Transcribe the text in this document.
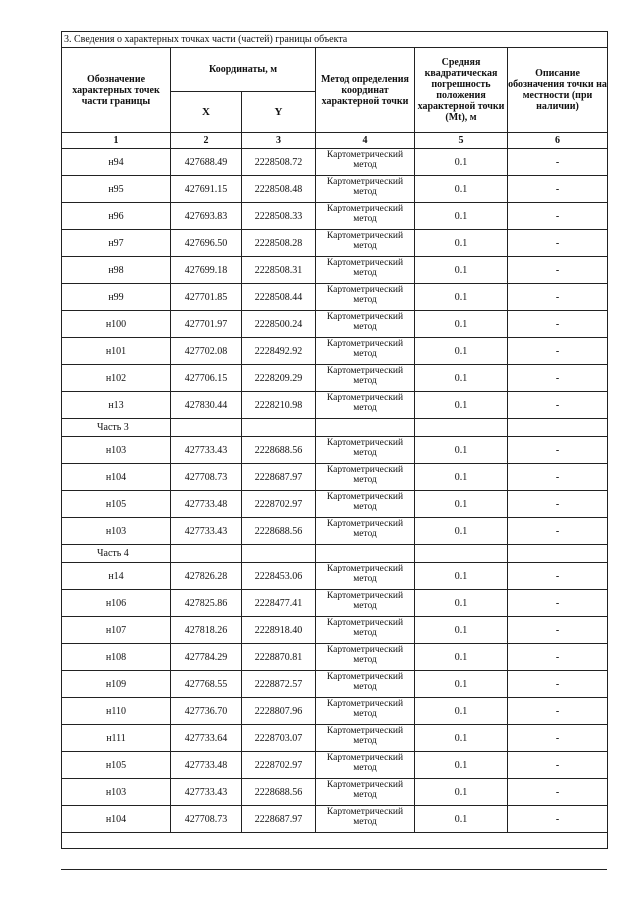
3. Сведения о характерных точках части (частей) границы объекта					
Обозначение характерных точек части границы	Координаты, м		Метод определения координат характерной точки	Средняя квадратическая погрешность положения характерной точки (Mt), м	Описание обозначения точки на местности (при наличии)
	X	Y			
1	2	3	4	5	6
н94	427688.49	2228508.72	Картометрический метод	0.1	-
н95	427691.15	2228508.48	Картометрический метод	0.1	-
н96	427693.83	2228508.33	Картометрический метод	0.1	-
н97	427696.50	2228508.28	Картометрический метод	0.1	-
н98	427699.18	2228508.31	Картометрический метод	0.1	-
н99	427701.85	2228508.44	Картометрический метод	0.1	-
н100	427701.97	2228500.24	Картометрический метод	0.1	-
н101	427702.08	2228492.92	Картометрический метод	0.1	-
н102	427706.15	2228209.29	Картометрический метод	0.1	-
н13	427830.44	2228210.98	Картометрический метод	0.1	-
Часть 3					
н103	427733.43	2228688.56	Картометрический метод	0.1	-
н104	427708.73	2228687.97	Картометрический метод	0.1	-
н105	427733.48	2228702.97	Картометрический метод	0.1	-
н103	427733.43	2228688.56	Картометрический метод	0.1	-
Часть 4					
н14	427826.28	2228453.06	Картометрический метод	0.1	-
н106	427825.86	2228477.41	Картометрический метод	0.1	-
н107	427818.26	2228918.40	Картометрический метод	0.1	-
н108	427784.29	2228870.81	Картометрический метод	0.1	-
н109	427768.55	2228872.57	Картометрический метод	0.1	-
н110	427736.70	2228807.96	Картометрический метод	0.1	-
н111	427733.64	2228703.07	Картометрический метод	0.1	-
н105	427733.48	2228702.97	Картометрический метод	0.1	-
н103	427733.43	2228688.56	Картометрический метод	0.1	-
н104	427708.73	2228687.97	Картометрический метод	0.1	-
